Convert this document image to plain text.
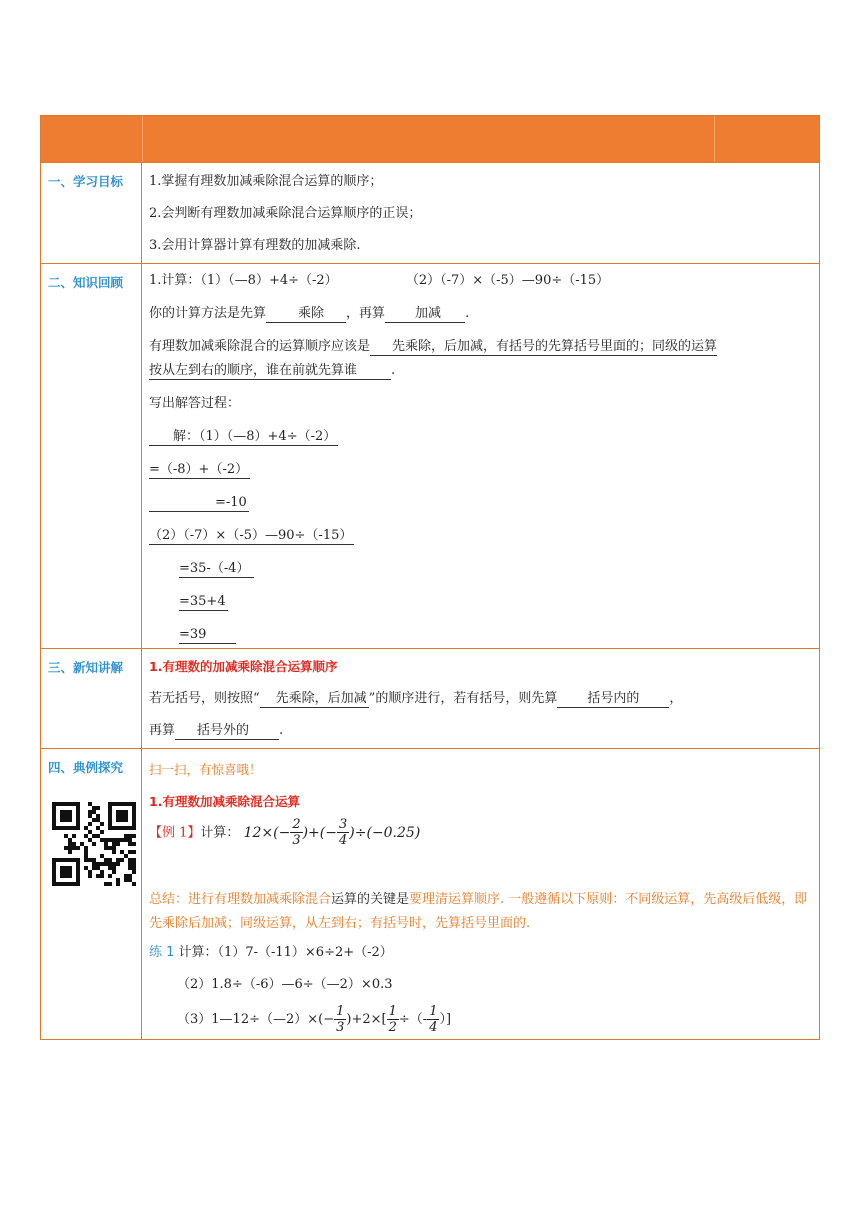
一、学习目标	1.掌握有理数加减乘除混合运算的顺序；
2.会判断有理数加减乘除混合运算顺序的正误；
3.会用计算器计算有理数的加减乘除.
二、知识回顾	1.计算：（1）（—8）+4÷（-2）	（2）（-7）×（-5）—90÷（-15）
你的计算方法是先算 乘除 ，再算 加减 .
有理数加减乘除混合的运算顺序应该是 先乘除，后加减，有括号的先算括号里面的；同级的运算
按从左到右的顺序，谁在前就先算谁	.
写出解答过程：
解：（1）（—8）+4÷（-2）
=（-8）+（-2）
=-10
（2）（-7）×（-5）—90÷（-15）
=35-（-4）
=35+4
=39
三、新知讲解	1.有理数的加减乘除混合运算顺序
若无括号，则按照“ 先乘除，后加减 ”的顺序进行，若有括号，则先算 括号内的 ，
再算 括号外的 .
四、典例探究	扫一扫，有惊喜哦！
1.有理数加减乘除混合运算
【例 1】计算： $12\times(- \frac{2}{3}$ )+(− $\frac{3}{4} )\div(-0.25)$
总结：进行有理数加减乘除混合运算的关键是要理清运算顺序. 一般遵循以下原则：不同级运算，先高级后低级，即先乘除后加减；同级运算，从左到右；有括号时，先算括号里面的.
练 1 计算：（1）7-（-11）×6÷2+（-2）
（2）1.8÷（-6）—6÷（—2）×0.3
（3）1—12÷（—2）×(− $\frac{1}{3} )+2\times[ \frac{1}{2}$ ÷（- $\frac{1}{4}$ ）]
